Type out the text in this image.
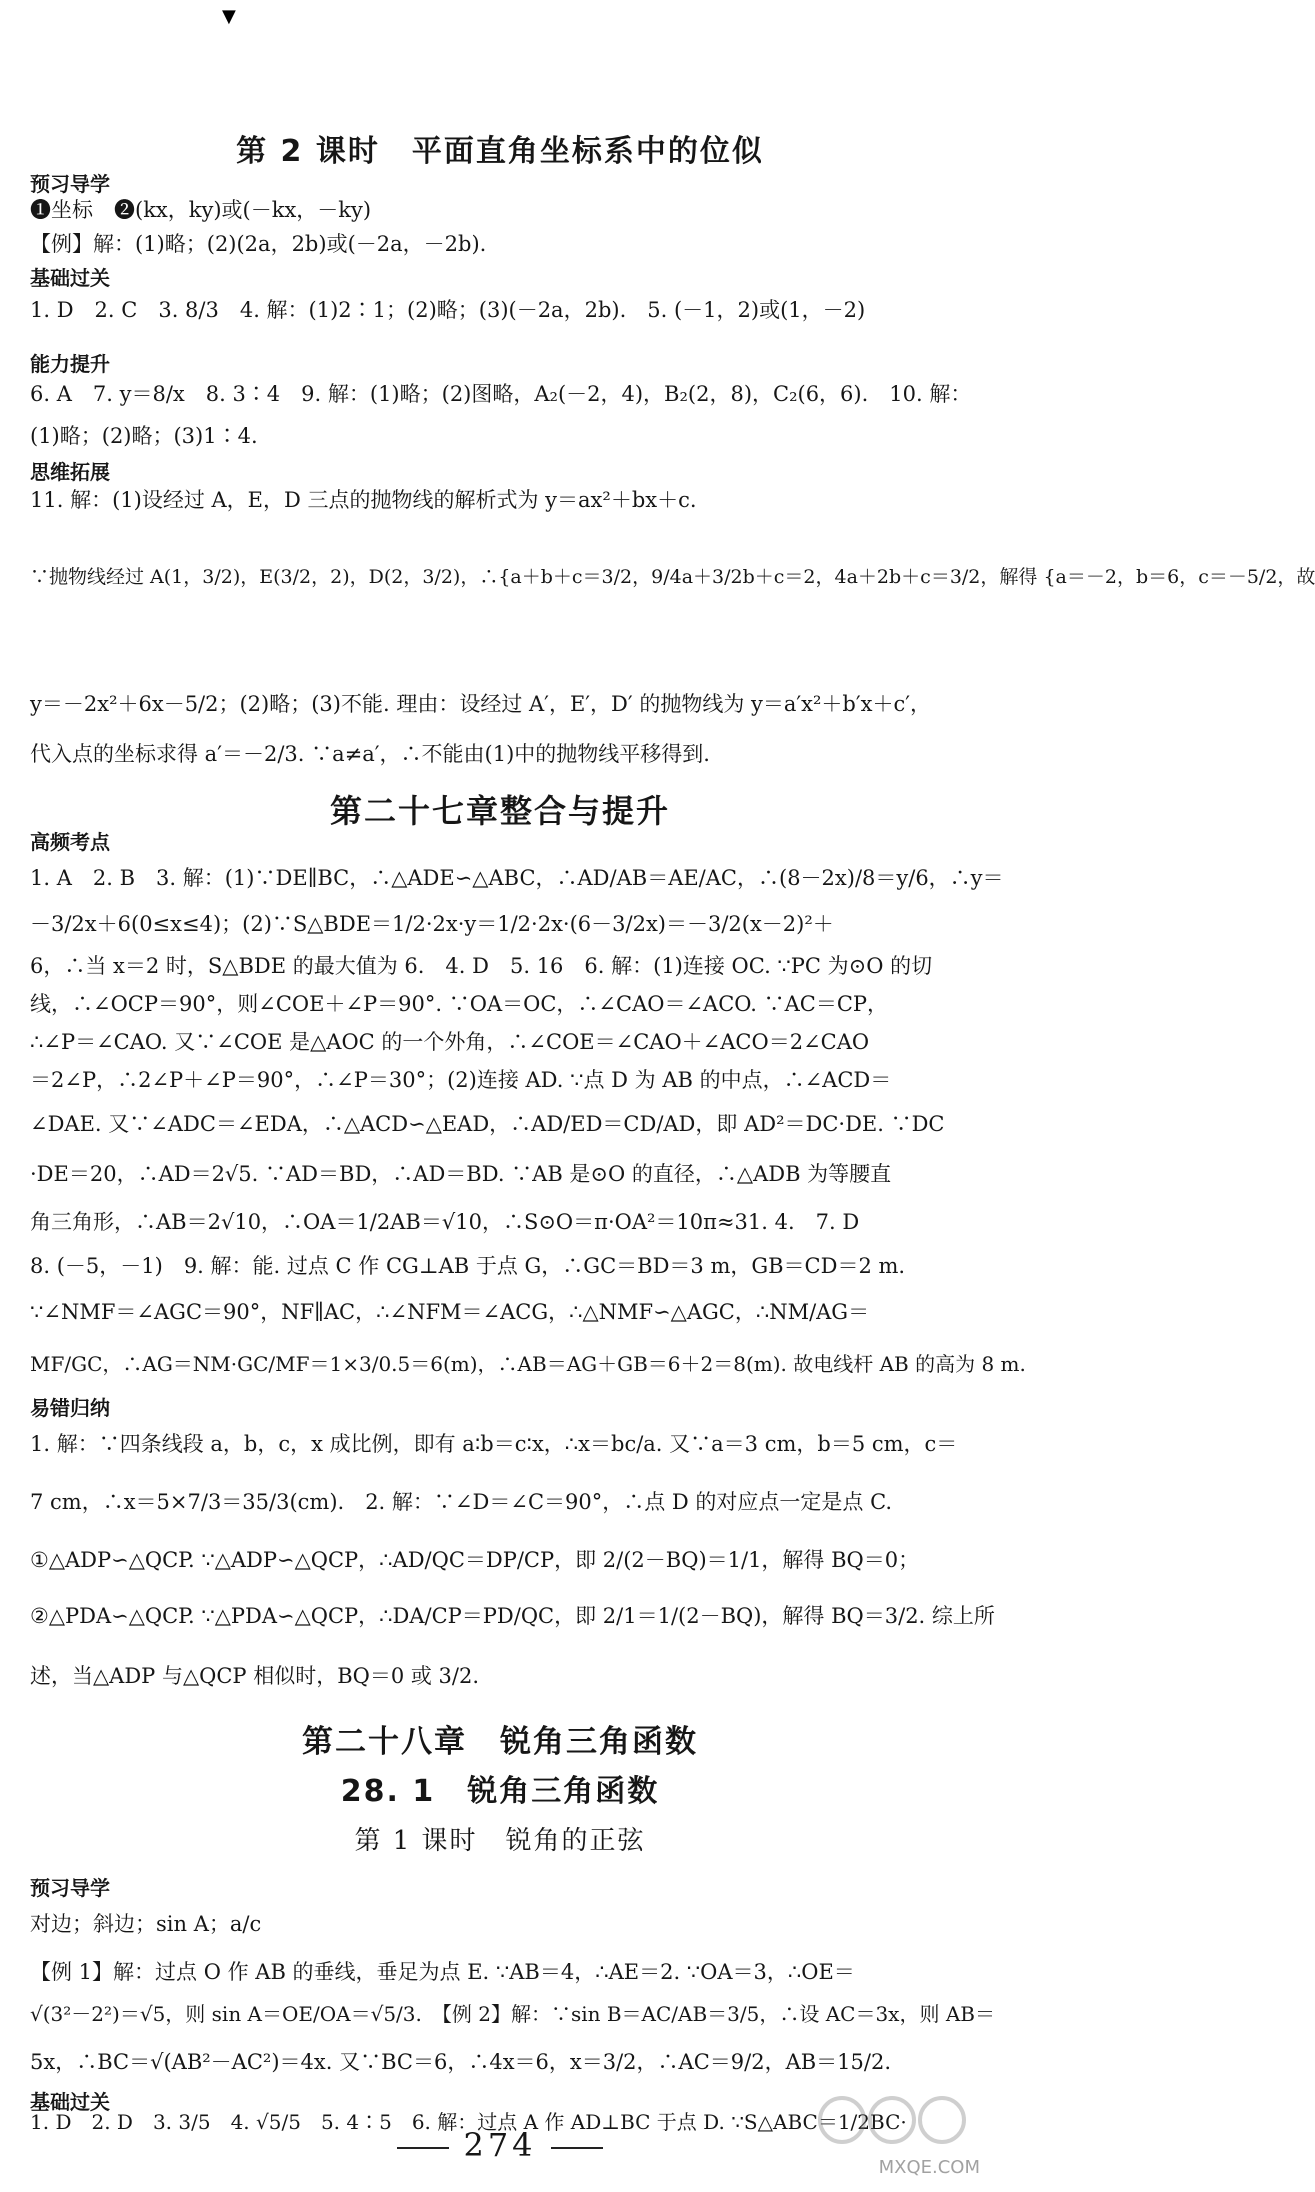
▼
第 2 课时　平面直角坐标系中的位似
预习导学
❶坐标　❷(kx，ky)或(－kx，－ky)
【例】解：(1)略；(2)(2a，2b)或(－2a，－2b).
基础过关
1. D　2. C　3. 8/3　4. 解：(1)2∶1；(2)略；(3)(－2a，2b).　5. (－1，2)或(1，－2)
能力提升
6. A　7. y＝8/x　8. 3∶4　9. 解：(1)略；(2)图略，A₂(－2，4)，B₂(2，8)，C₂(6，6).　10. 解：
(1)略；(2)略；(3)1∶4.
思维拓展
11. 解：(1)设经过 A，E，D 三点的抛物线的解析式为 y＝ax²＋bx＋c.
∵抛物线经过 A(1，3/2)，E(3/2，2)，D(2，3/2)，∴{a＋b＋c＝3/2，9/4a＋3/2b＋c＝2，4a＋2b＋c＝3/2，解得 {a＝－2，b＝6，c＝－5/2，故
y＝－2x²＋6x－5/2；(2)略；(3)不能. 理由：设经过 A′，E′，D′ 的抛物线为 y＝a′x²＋b′x＋c′，
代入点的坐标求得 a′＝－2/3. ∵a≠a′，∴不能由(1)中的抛物线平移得到.
第二十七章整合与提升
高频考点
1. A　2. B　3. 解：(1)∵DE∥BC，∴△ADE∽△ABC，∴AD/AB＝AE/AC，∴(8－2x)/8＝y/6，∴y＝
－3/2x＋6(0≤x≤4)；(2)∵S△BDE＝1/2·2x·y＝1/2·2x·(6－3/2x)＝－3/2(x－2)²＋
6，∴当 x＝2 时，S△BDE 的最大值为 6.　4. D　5. 16　6. 解：(1)连接 OC. ∵PC 为⊙O 的切
线，∴∠OCP＝90°，则∠COE＋∠P＝90°. ∵OA＝OC，∴∠CAO＝∠ACO. ∵AC＝CP，
∴∠P＝∠CAO. 又∵∠COE 是△AOC 的一个外角，∴∠COE＝∠CAO＋∠ACO＝2∠CAO
＝2∠P，∴2∠P＋∠P＝90°，∴∠P＝30°；(2)连接 AD. ∵点 D 为 AB 的中点，∴∠ACD＝
∠DAE. 又∵∠ADC＝∠EDA，∴△ACD∽△EAD，∴AD/ED＝CD/AD，即 AD²＝DC·DE. ∵DC
·DE＝20，∴AD＝2√5. ∵AD＝BD，∴AD＝BD. ∵AB 是⊙O 的直径，∴△ADB 为等腰直
角三角形，∴AB＝2√10，∴OA＝1/2AB＝√10，∴S⊙O＝π·OA²＝10π≈31. 4.　7. D
8. (－5，－1)　9. 解：能. 过点 C 作 CG⊥AB 于点 G，∴GC＝BD＝3 m，GB＝CD＝2 m.
∵∠NMF＝∠AGC＝90°，NF∥AC，∴∠NFM＝∠ACG，∴△NMF∽△AGC，∴NM/AG＝
MF/GC，∴AG＝NM·GC/MF＝1×3/0.5＝6(m)，∴AB＝AG＋GB＝6＋2＝8(m). 故电线杆 AB 的高为 8 m.
易错归纳
1. 解：∵四条线段 a，b，c，x 成比例，即有 a∶b＝c∶x，∴x＝bc/a. 又∵a＝3 cm，b＝5 cm，c＝
7 cm，∴x＝5×7/3＝35/3(cm).　2. 解：∵∠D＝∠C＝90°，∴点 D 的对应点一定是点 C.
①△ADP∽△QCP. ∵△ADP∽△QCP，∴AD/QC＝DP/CP，即 2/(2－BQ)＝1/1，解得 BQ＝0；
②△PDA∽△QCP. ∵△PDA∽△QCP，∴DA/CP＝PD/QC，即 2/1＝1/(2－BQ)，解得 BQ＝3/2. 综上所
述，当△ADP 与△QCP 相似时，BQ＝0 或 3/2.
第二十八章　锐角三角函数
28. 1　锐角三角函数
第 1 课时　锐角的正弦
预习导学
对边；斜边；sin A；a/c
【例 1】解：过点 O 作 AB 的垂线，垂足为点 E. ∵AB＝4，∴AE＝2. ∵OA＝3，∴OE＝
√(3²－2²)＝√5，则 sin A＝OE/OA＝√5/3.　【例 2】解：∵sin B＝AC/AB＝3/5，∴设 AC＝3x，则 AB＝
5x，∴BC＝√(AB²－AC²)＝4x. 又∵BC＝6，∴4x＝6，x＝3/2，∴AC＝9/2，AB＝15/2.
基础过关
1. D　2. D　3. 3/5　4. √5/5　5. 4∶5　6. 解：过点 A 作 AD⊥BC 于点 D. ∵S△ABC＝1/2BC·
274
MXQE.COM
